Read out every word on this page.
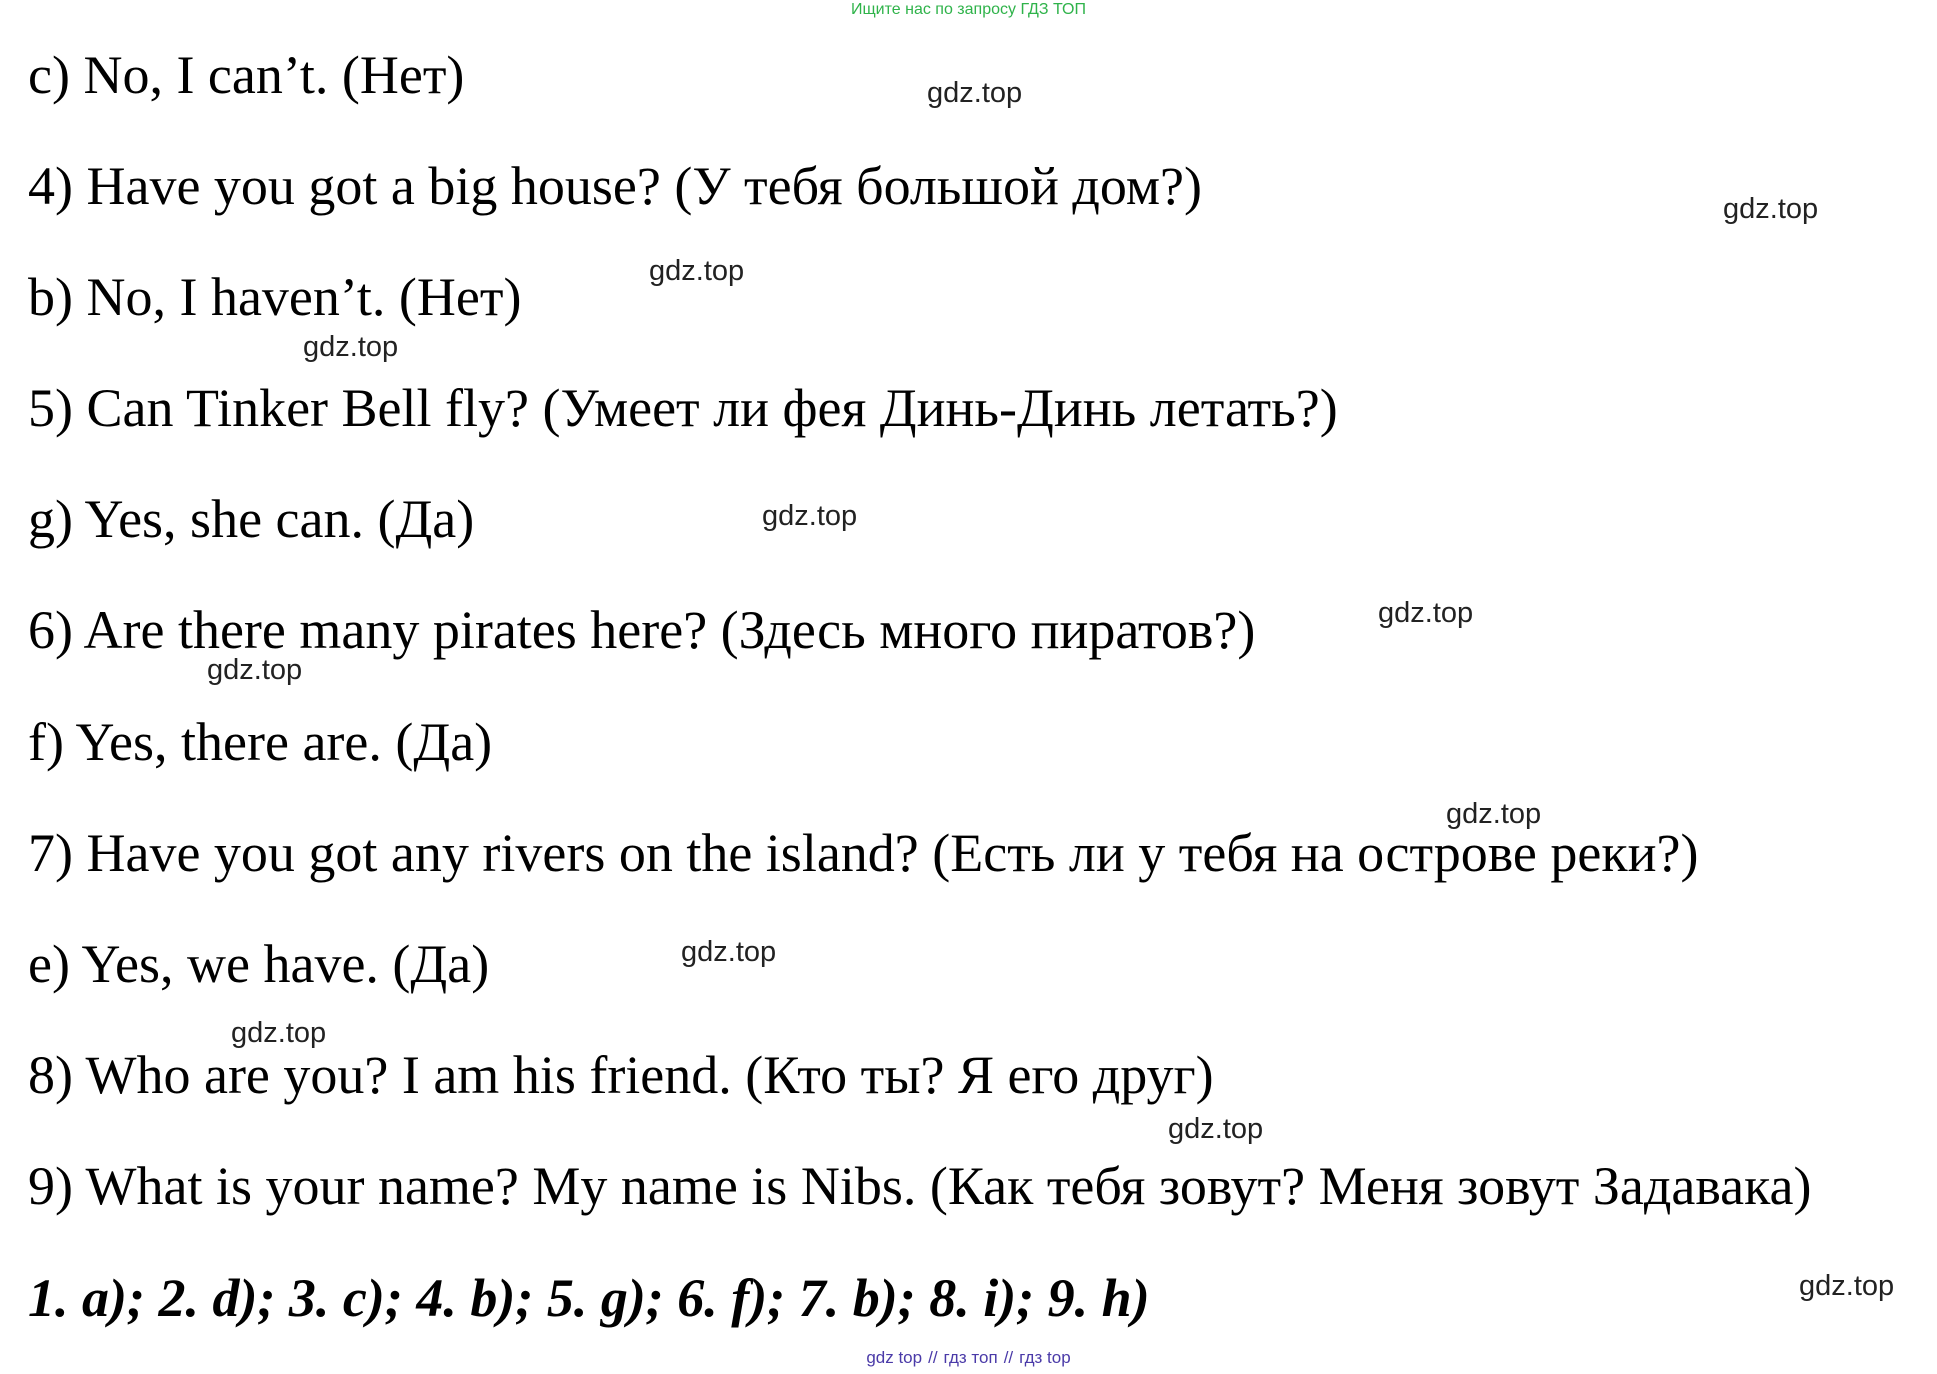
Ищите нас по запросу ГДЗ ТОП
c) No, I can’t. (Нет)
4) Have you got a big house? (У тебя большой дом?)
b) No, I haven’t. (Нет)
5) Can Tinker Bell fly? (Умеет ли фея Динь-Динь летать?)
g) Yes, she can. (Да)
6) Are there many pirates here? (Здесь много пиратов?)
f) Yes, there are. (Да)
7) Have you got any rivers on the island? (Есть ли у тебя на острове реки?)
e) Yes, we have. (Да)
8) Who are you? I am his friend. (Кто ты? Я его друг)
9) What is your name? My name is Nibs. (Как тебя зовут? Меня зовут Задавака)
1. a); 2. d); 3. c); 4. b); 5. g); 6. f); 7. b); 8. i); 9. h)
gdz.top
gdz.top
gdz.top
gdz.top
gdz.top
gdz.top
gdz.top
gdz.top
gdz.top
gdz.top
gdz.top
gdz.top
gdz top // гдз топ // гдз top
